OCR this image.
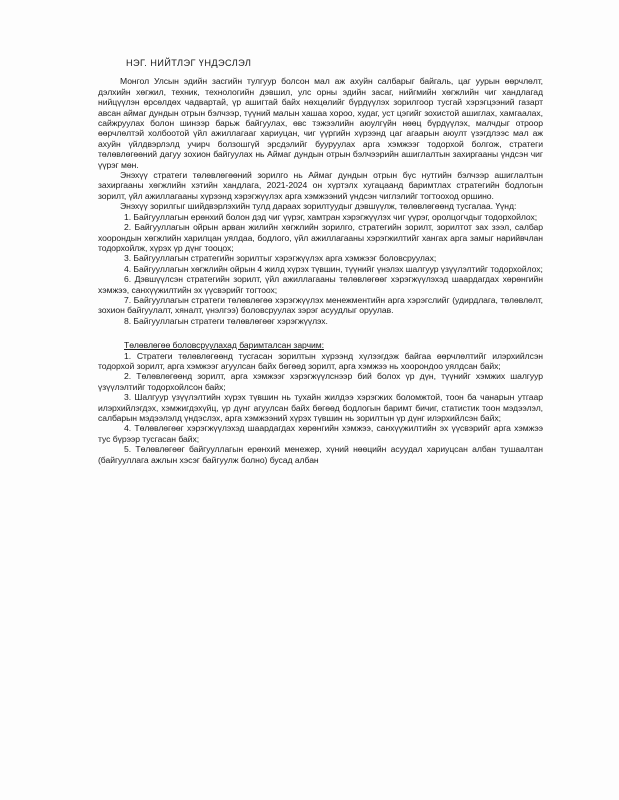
НЭГ. НИЙТЛЭГ ҮНДЭСЛЭЛ

Монгол Улсын эдийн засгийн тулгуур болсон мал аж ахуйн салбарыг байгаль, цаг уурын өөрчлөлт, дэлхийн хөгжил, техник, технологийн дэвшил, улс орны эдийн засаг, нийгмийн хөгжлийн чиг хандлагад нийцүүлэн өрсөлдөх чадвартай, үр ашигтай байх нөхцөлийг бүрдүүлэх зорилгоор тусгай хэрэгцээний газарт авсан аймаг дундын отрын бэлчээр, түүний малын хашаа хороо, худаг, уст цэгийг зохистой ашиглах, хамгаалах, сайжруулах болон шинээр барьж байгуулах, өвс тэжээлийн аюулгүйн нөөц бүрдүүлэх, малчдыг отроор өөрчлөлтэй холбоотой үйл ажиллагааг хариуцан, чиг үүргийн хүрээнд цаг агаарын аюулт үзэгдлээс мал аж ахуйн үйлдвэрлэлд учирч болзошгүй эрсдэлийг бууруулах арга хэмжээг тодорхой болгож, стратеги төлөвлөгөөний дагуу зохион байгуулах нь Аймаг дундын отрын бэлчээрийн ашиглалтын захиргааны үндсэн чиг үүрэг мөн.

Энэхүү стратеги төлөвлөгөөний зорилго нь Аймаг дундын отрын бүс нутгийн бэлчээр ашиглалтын захиргааны хөгжлийн хэтийн хандлага, 2021-2024 он хүртэлх хугацаанд баримтлах стратегийн бодлогын зорилт, үйл ажиллагааны хүрээнд хэрэгжүүлэх арга хэмжээний үндсэн чиглэлийг тогтооход оршино.

Энэхүү зорилгыг шийдвэрлэхийн тулд дараах зорилтуудыг дэвшүүлж, төлөвлөгөөнд тусгалаа. Үүнд:

1. Байгууллагын ерөнхий болон дэд чиг үүрэг, хамтран хэрэгжүүлэх чиг үүрэг, оролцогчдыг тодорхойлох;

2. Байгууллагын ойрын арван жилийн хөгжлийн зорилго, стратегийн зорилт, зорилтот зах зээл, салбар хоорондын хөгжлийн харилцан уялдаа, бодлого, үйл ажиллагааны хэрэгжилтийг хангах арга замыг нарийвчлан тодорхойлж, хүрэх үр дүнг тооцох;

3. Байгууллагын стратегийн зорилтыг хэрэгжүүлэх арга хэмжээг боловсруулах;

4. Байгууллагын хөгжлийн ойрын 4 жилд хүрэх түвшин, түүнийг үнэлэх шалгуур үзүүлэлтийг тодорхойлох;

6. Дэвшүүлсэн стратегийн зорилт, үйл ажиллагааны төлөвлөгөөг хэрэгжүүлэхэд шаардагдах хөрөнгийн хэмжээ, санхүүжилтийн эх үүсвэрийг тогтоох;

7. Байгууллагын стратеги төлөвлөгөө хэрэгжүүлэх менежментийн арга хэрэгслийг (удирдлага, төлөвлөлт, зохион байгуулалт, хяналт, үнэлгээ) боловсруулах зэрэг асуудлыг оруулав.

8. Байгууллагын стратеги төлөвлөгөөг хэрэгжүүлэх.

Төлөвлөгөө боловсруулахад баримталсан зарчим:

1. Стратеги төлөвлөгөөнд тусгасан зорилтын хүрээнд хүлээгдэж байгаа өөрчлөлтийг илэрхийлсэн тодорхой зорилт, арга хэмжээг агуулсан байх бөгөөд зорилт, арга хэмжээ нь хоорондоо уялдсан байх;

2. Төлөвлөгөөнд зорилт, арга хэмжээг хэрэгжүүлснээр бий болох үр дүн, түүнийг хэмжих шалгуур үзүүлэлтийг тодорхойлсон байх;

3. Шалгуур үзүүлэлтийн хүрэх түвшин нь тухайн жилдээ хэрэгжих боломжтой, тоон ба чанарын утгаар илэрхийлэгдэх, хэмжигдэхүйц, үр дүнг агуулсан байх бөгөөд бодлогын баримт бичиг, статистик тоон мэдээлэл, салбарын мэдээлэлд үндэслэх, арга хэмжээний хүрэх түвшин нь зорилтын үр дүнг илэрхийлсэн байх;

4. Төлөвлөгөөг хэрэгжүүлэхэд шаардагдах хөрөнгийн хэмжээ, санхүүжилтийн эх үүсвэрийг арга хэмжээ тус бүрээр тусгасан байх;

5. Төлөвлөгөөг байгууллагын ерөнхий менежер, хүний нөөцийн асуудал хариуцсан албан тушаалтан (байгууллага ажлын хэсэг байгуулж болно) бусад албан
